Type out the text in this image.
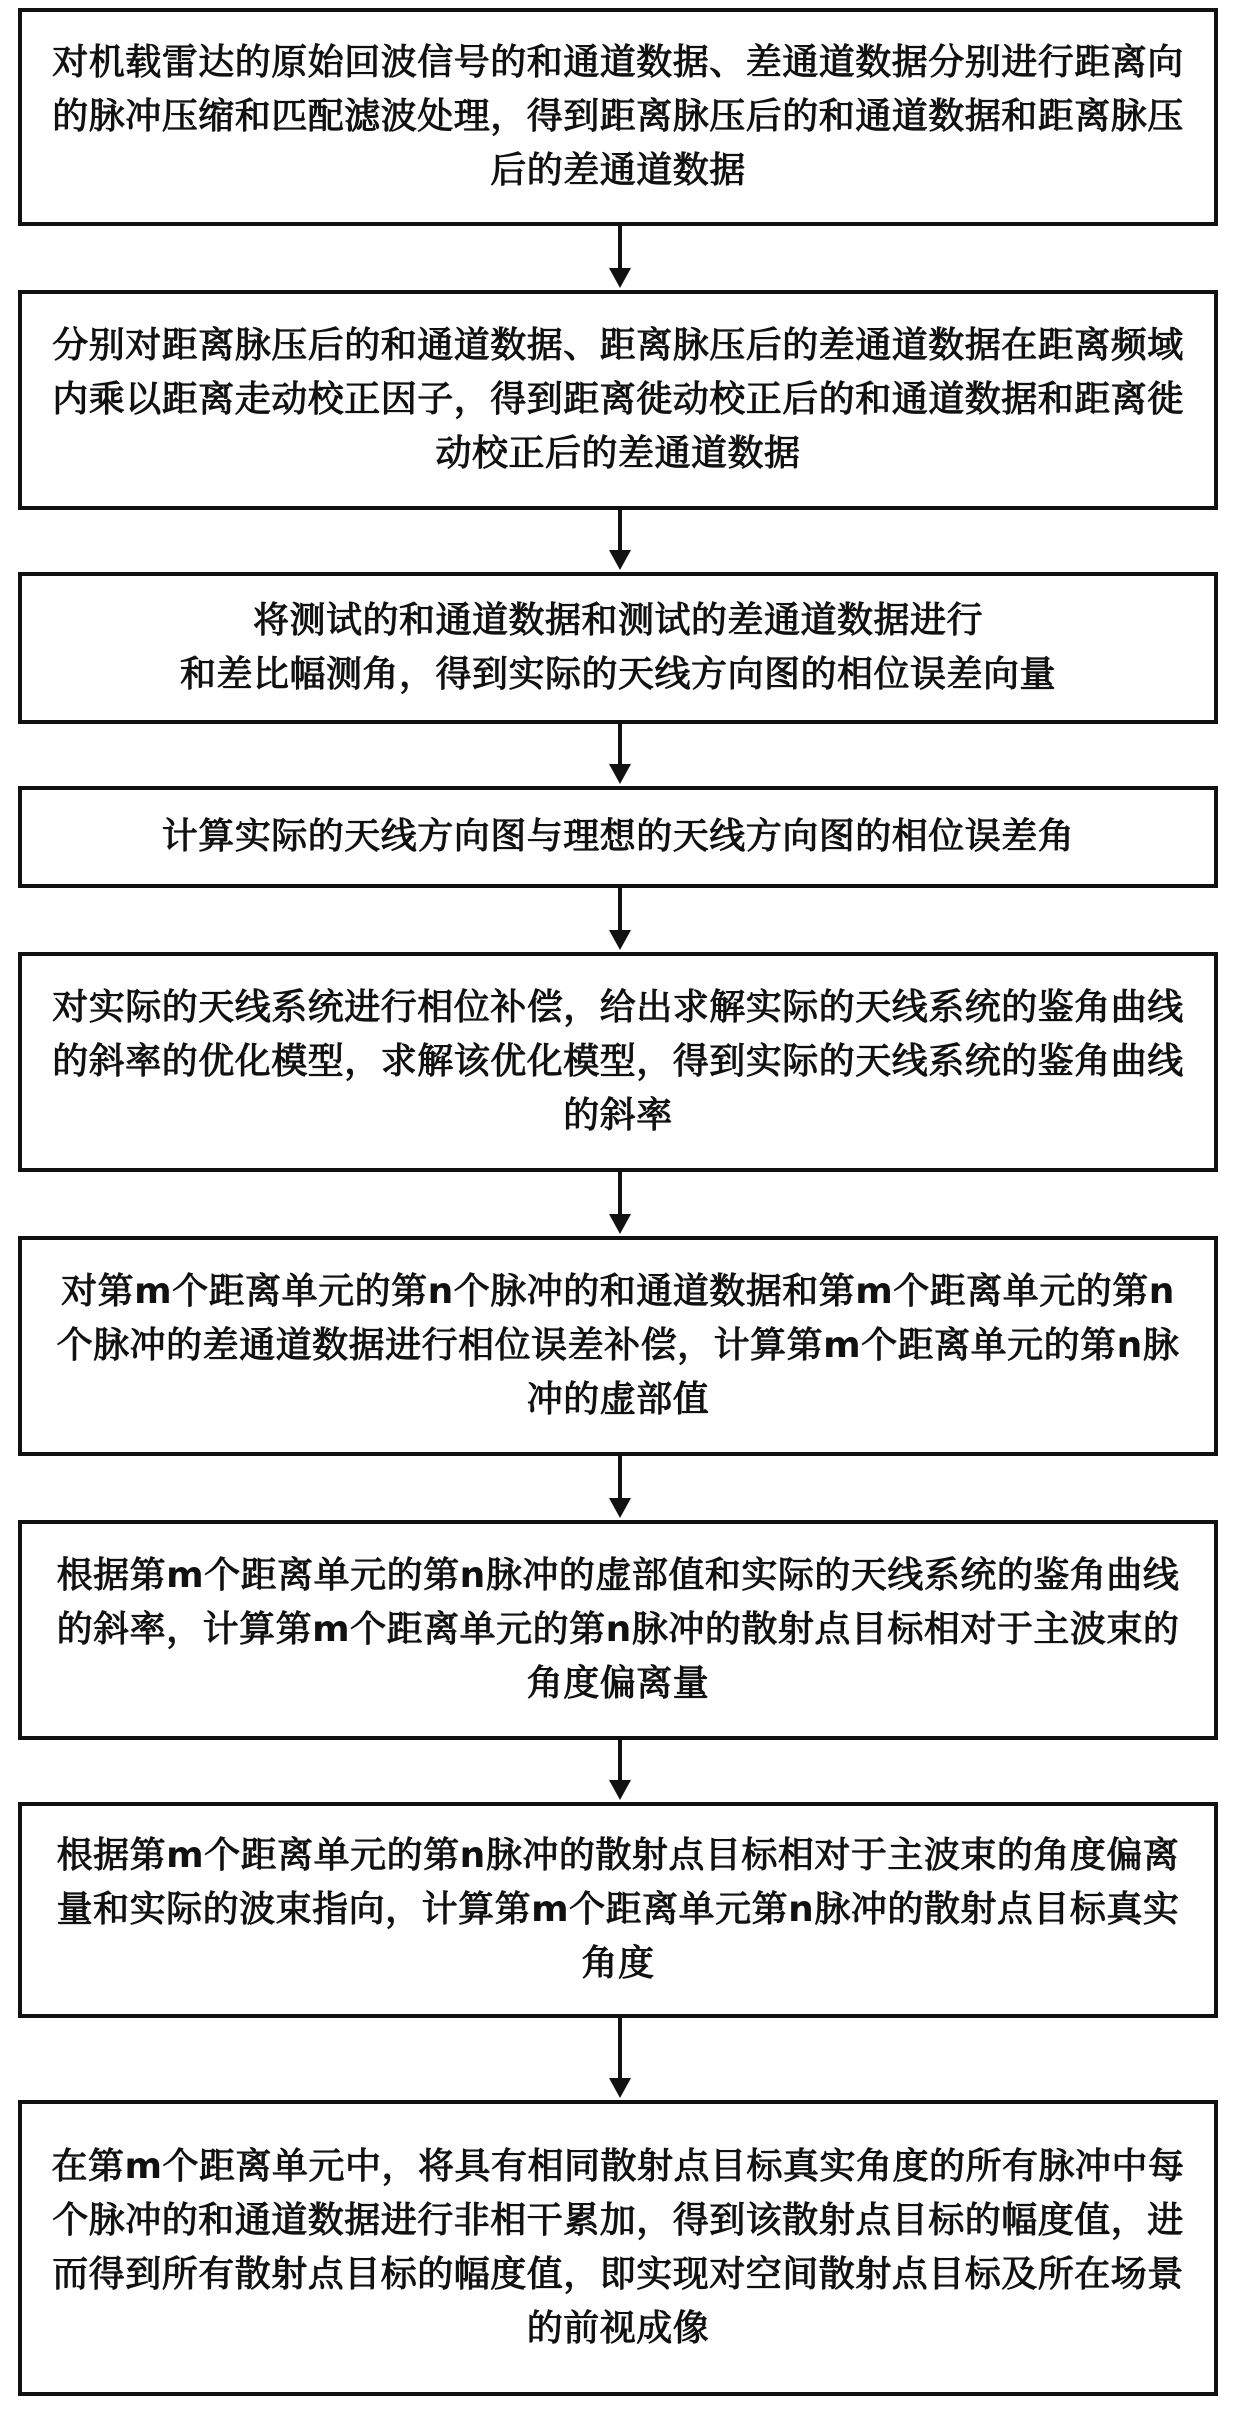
对机载雷达的原始回波信号的和通道数据、差通道数据分别进行距离向的脉冲压缩和匹配滤波处理，得到距离脉压后的和通道数据和距离脉压后的差通道数据
分别对距离脉压后的和通道数据、距离脉压后的差通道数据在距离频域内乘以距离走动校正因子，得到距离徙动校正后的和通道数据和距离徙动校正后的差通道数据
将测试的和通道数据和测试的差通道数据进行
和差比幅测角，得到实际的天线方向图的相位误差向量
计算实际的天线方向图与理想的天线方向图的相位误差角
对实际的天线系统进行相位补偿，给出求解实际的天线系统的鉴角曲线的斜率的优化模型，求解该优化模型，得到实际的天线系统的鉴角曲线的斜率
对第m个距离单元的第n个脉冲的和通道数据和第m个距离单元的第n个脉冲的差通道数据进行相位误差补偿，计算第m个距离单元的第n脉冲的虚部值
根据第m个距离单元的第n脉冲的虚部值和实际的天线系统的鉴角曲线的斜率，计算第m个距离单元的第n脉冲的散射点目标相对于主波束的角度偏离量
根据第m个距离单元的第n脉冲的散射点目标相对于主波束的角度偏离量和实际的波束指向，计算第m个距离单元第n脉冲的散射点目标真实角度
在第m个距离单元中，将具有相同散射点目标真实角度的所有脉冲中每个脉冲的和通道数据进行非相干累加，得到该散射点目标的幅度值，进而得到所有散射点目标的幅度值，即实现对空间散射点目标及所在场景的前视成像
